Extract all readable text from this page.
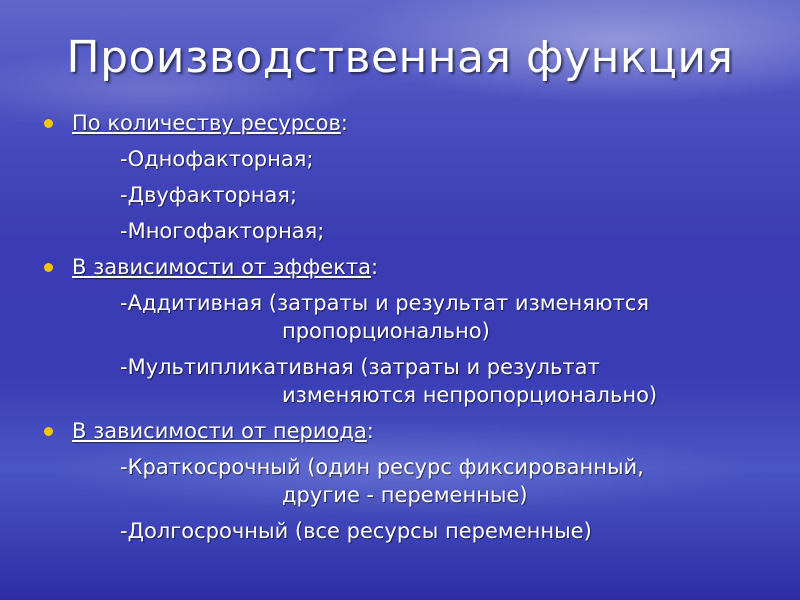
Производственная функция
По количеству ресурсов:
-Однофакторная;
-Двуфакторная;
-Многофакторная;
В зависимости от эффекта:
-Аддитивная (затраты и результат изменяются
пропорционально)
-Мультипликативная (затраты и результат
изменяются непропорционально)
В зависимости от периода:
-Краткосрочный (один ресурс фиксированный,
другие - переменные)
-Долгосрочный (все ресурсы переменные)
